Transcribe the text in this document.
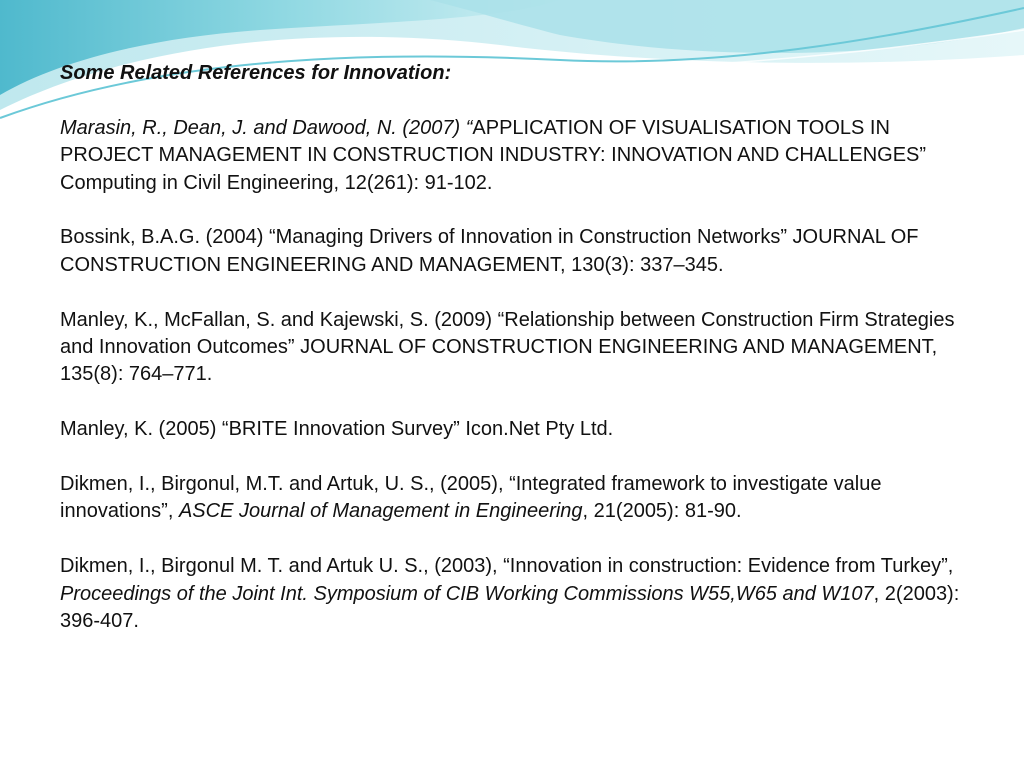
Some Related References for Innovation:
Marasin, R., Dean, J. and Dawood, N. (2007) “APPLICATION OF VISUALISATION TOOLS IN
PROJECT MANAGEMENT IN CONSTRUCTION INDUSTRY: INNOVATION AND CHALLENGES” Computing in Civil Engineering, 12(261): 91-102.
Bossink, B.A.G. (2004) “Managing Drivers of Innovation in Construction Networks” JOURNAL OF CONSTRUCTION ENGINEERING AND MANAGEMENT, 130(3): 337–345.
Manley, K., McFallan, S. and Kajewski, S. (2009) “Relationship between Construction Firm Strategies and Innovation Outcomes” JOURNAL OF CONSTRUCTION ENGINEERING AND MANAGEMENT, 135(8): 764–771.
Manley, K. (2005) “BRITE Innovation Survey” Icon.Net Pty Ltd.
Dikmen, I., Birgonul, M.T. and Artuk, U. S., (2005), “Integrated framework to investigate value innovations”, ASCE Journal of Management in Engineering, 21(2005): 81-90.
Dikmen, I., Birgonul M. T. and Artuk U. S., (2003), “Innovation in construction: Evidence from Turkey”, Proceedings of the Joint Int. Symposium of CIB Working Commissions W55,W65 and W107, 2(2003): 396-407.
